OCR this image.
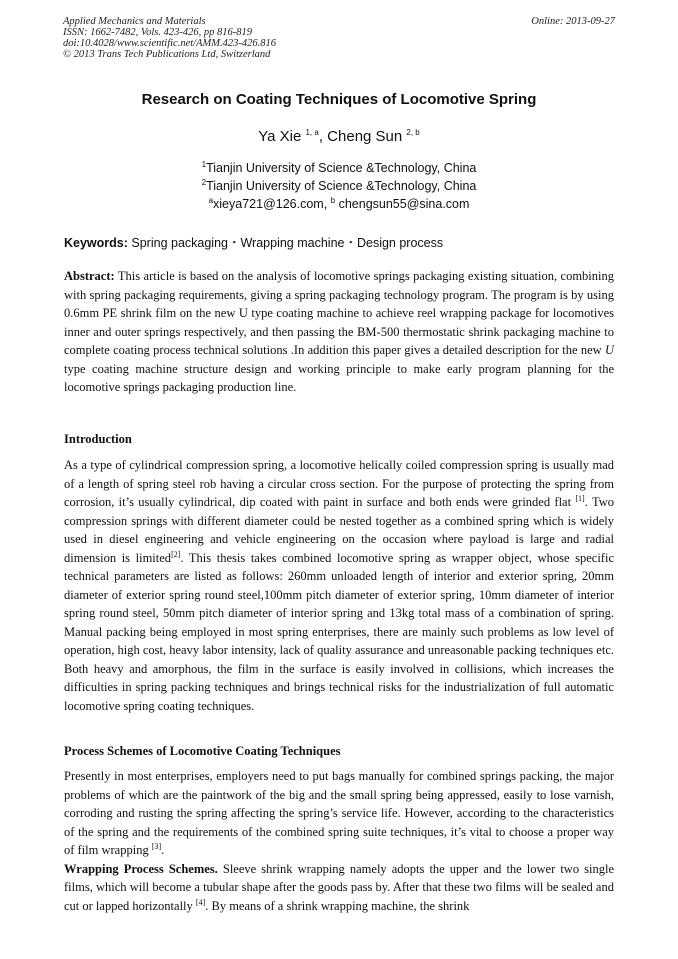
Applied Mechanics and Materials
ISSN: 1662-7482, Vols. 423-426, pp 816-819
doi:10.4028/www.scientific.net/AMM.423-426.816
© 2013 Trans Tech Publications Ltd, Switzerland
Online: 2013-09-27
Research on Coating Techniques of Locomotive Spring
Ya Xie $^{1, a}$, Cheng Sun $^{2, b}$
$^1$Tianjin University of Science &Technology, China
$^2$Tianjin University of Science &Technology, China
$^a$xieya721@126.com, $^b$ chengsun55@sina.com
Keywords: Spring packaging・Wrapping machine・Design process
Abstract: This article is based on the analysis of locomotive springs packaging existing situation, combining with spring packaging requirements, giving a spring packaging technology program. The program is by using 0.6mm PE shrink film on the new U type coating machine to achieve reel wrapping package for locomotives inner and outer springs respectively, and then passing the BM-500 thermostatic shrink packaging machine to complete coating process technical solutions .In addition this paper gives a detailed description for the new U type coating machine structure design and working principle to make early program planning for the locomotive springs packaging production line.
Introduction
As a type of cylindrical compression spring, a locomotive helically coiled compression spring is usually mad of a length of spring steel rob having a circular cross section. For the purpose of protecting the spring from corrosion, it’s usually cylindrical, dip coated with paint in surface and both ends were grinded flat [1]. Two compression springs with different diameter could be nested together as a combined spring which is widely used in diesel engineering and vehicle engineering on the occasion where payload is large and radial dimension is limited[2]. This thesis takes combined locomotive spring as wrapper object, whose specific technical parameters are listed as follows: 260mm unloaded length of interior and exterior spring, 20mm diameter of exterior spring round steel,100mm pitch diameter of exterior spring, 10mm diameter of interior spring round steel, 50mm pitch diameter of interior spring and 13kg total mass of a combination of spring. Manual packing being employed in most spring enterprises, there are mainly such problems as low level of operation, high cost, heavy labor intensity, lack of quality assurance and unreasonable packing techniques etc. Both heavy and amorphous, the film in the surface is easily involved in collisions, which increases the difficulties in spring packing techniques and brings technical risks for the industrialization of full automatic locomotive spring coating techniques.
Process Schemes of Locomotive Coating Techniques
Presently in most enterprises, employers need to put bags manually for combined springs packing, the major problems of which are the paintwork of the big and the small spring being appressed, easily to lose varnish, corroding and rusting the spring affecting the spring’s service life. However, according to the characteristics of the spring and the requirements of the combined spring suite techniques, it’s vital to choose a proper way of film wrapping [3].
Wrapping Process Schemes. Sleeve shrink wrapping namely adopts the upper and the lower two single films, which will become a tubular shape after the goods pass by. After that these two films will be sealed and cut or lapped horizontally [4]. By means of a shrink wrapping machine, the shrink
